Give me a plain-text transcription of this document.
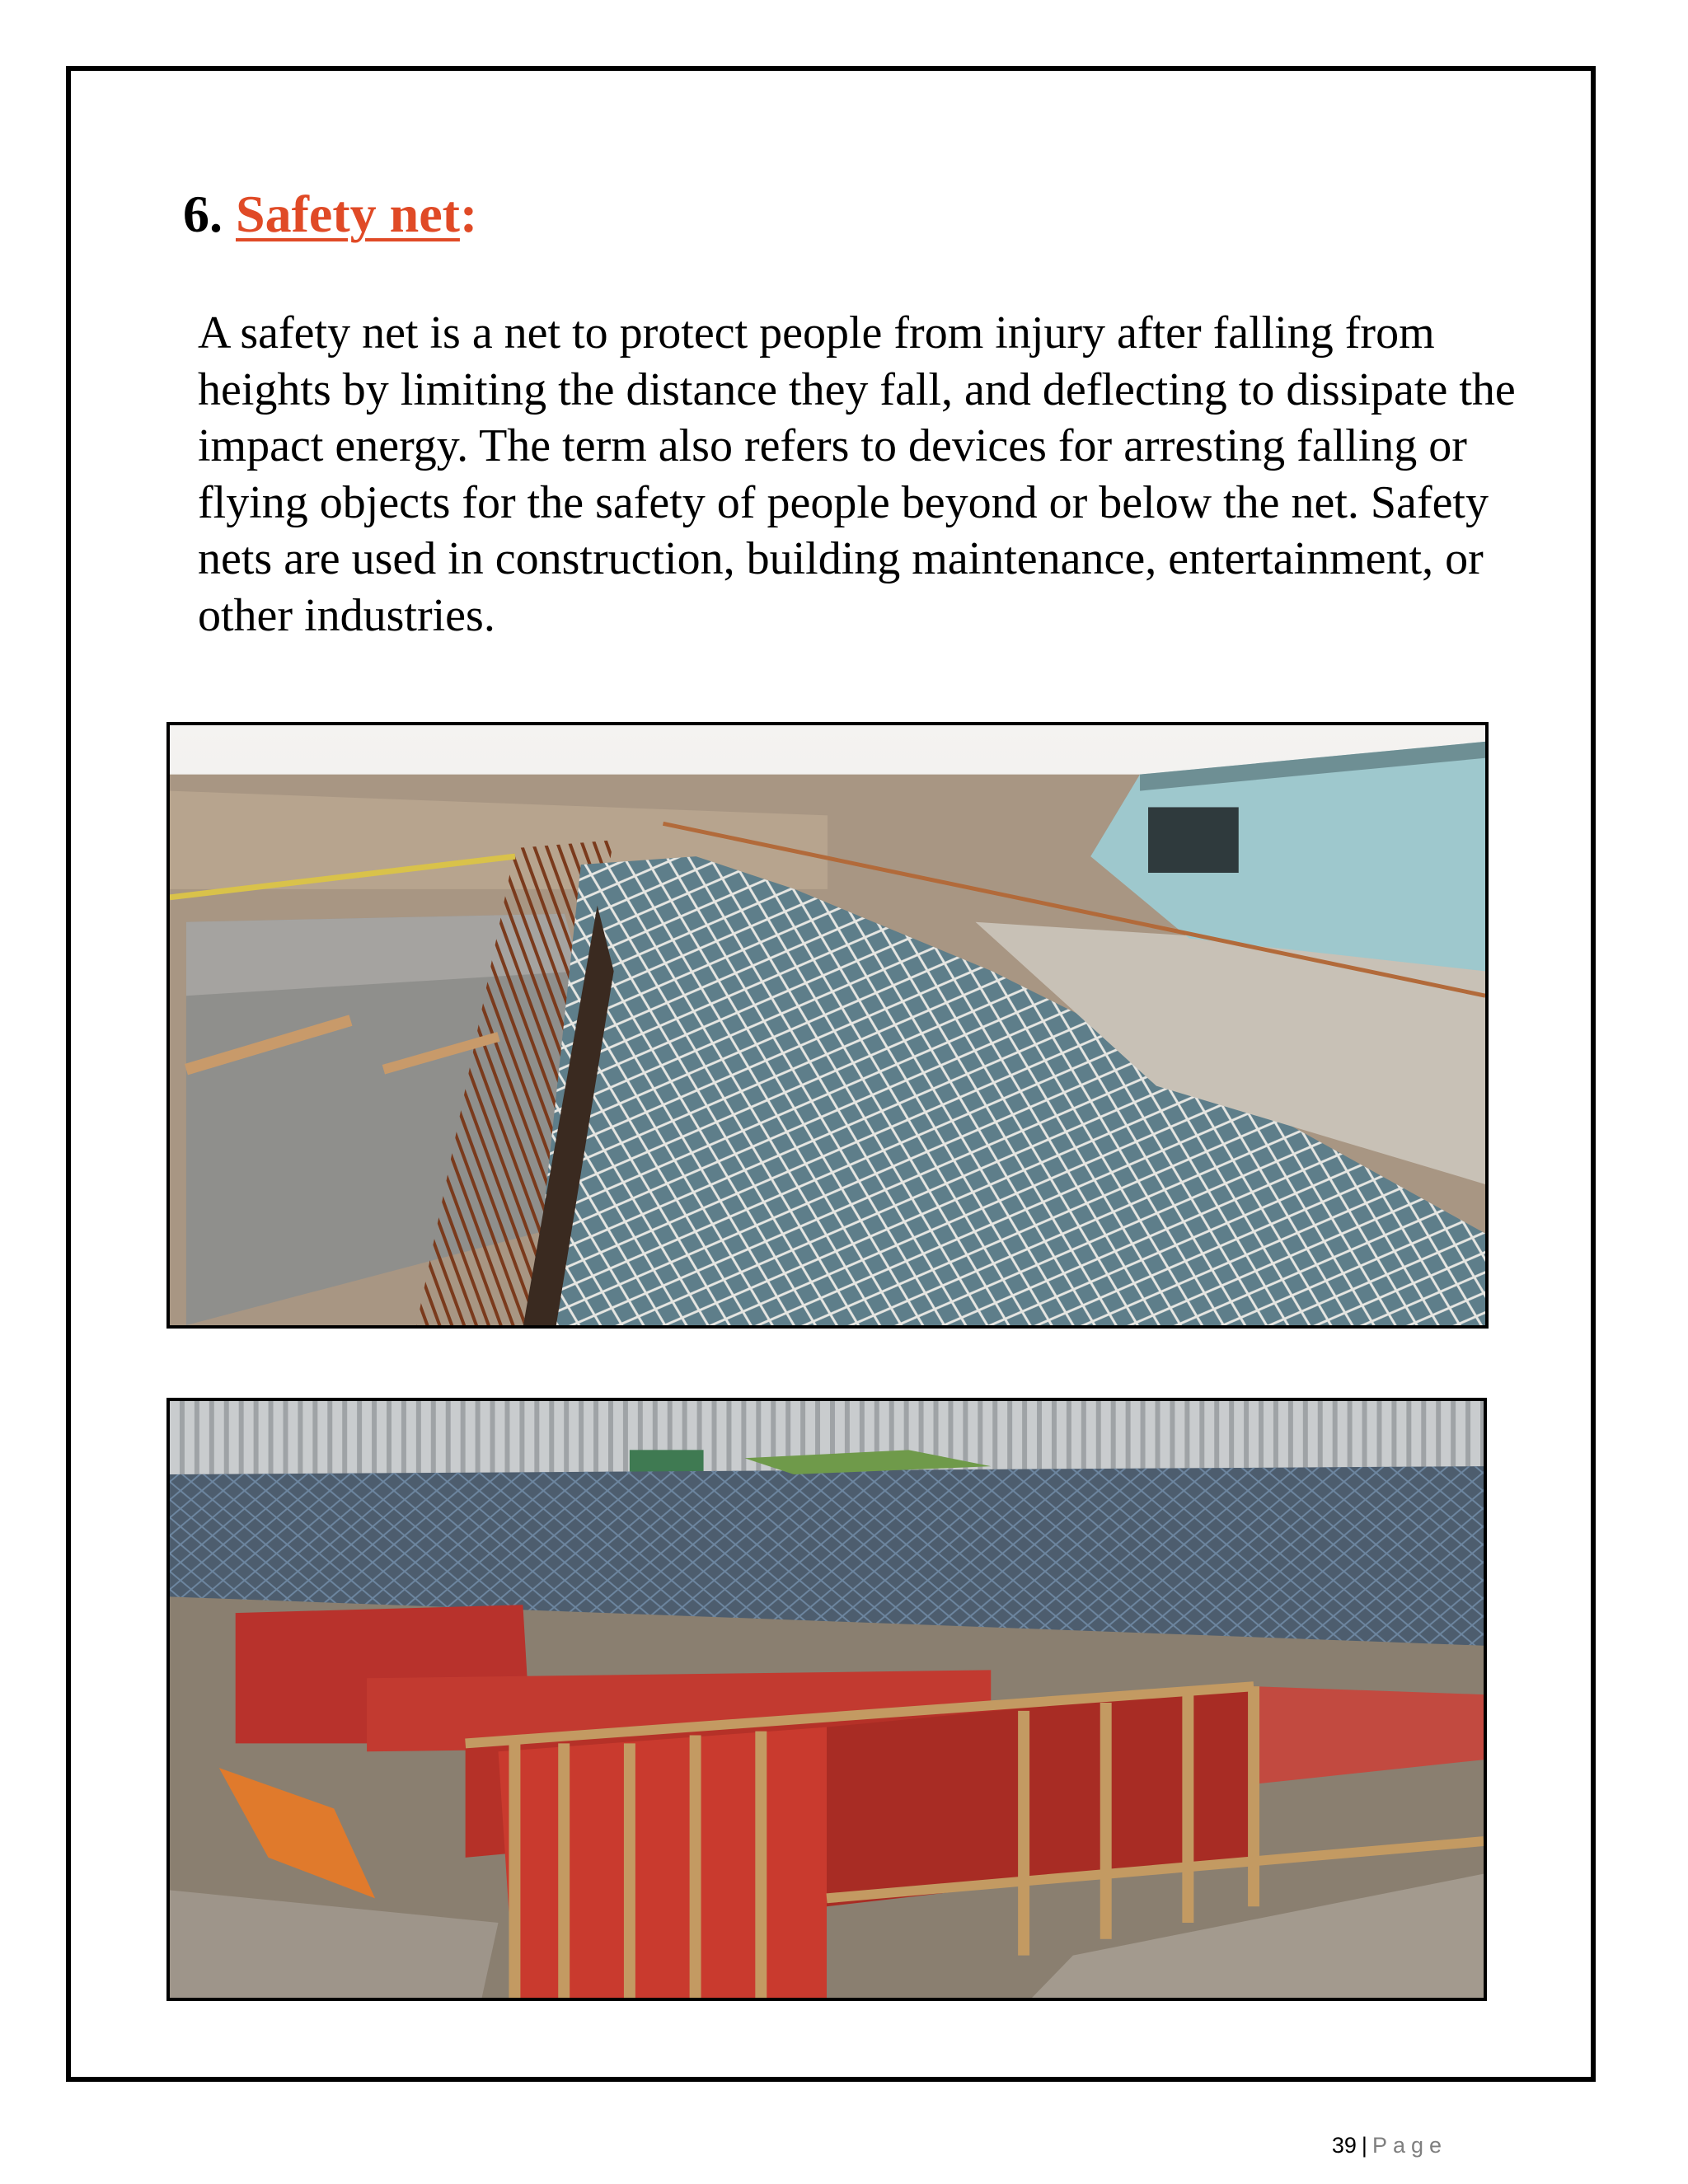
6. Safety net:
A safety net is a net to protect people from injury after falling from heights by limiting the distance they fall, and deflecting to dissipate the impact energy. The term also refers to devices for arresting falling or flying objects for the safety of people beyond or below the net. Safety nets are used in construction, building maintenance, entertainment, or other industries.
39 | Page
